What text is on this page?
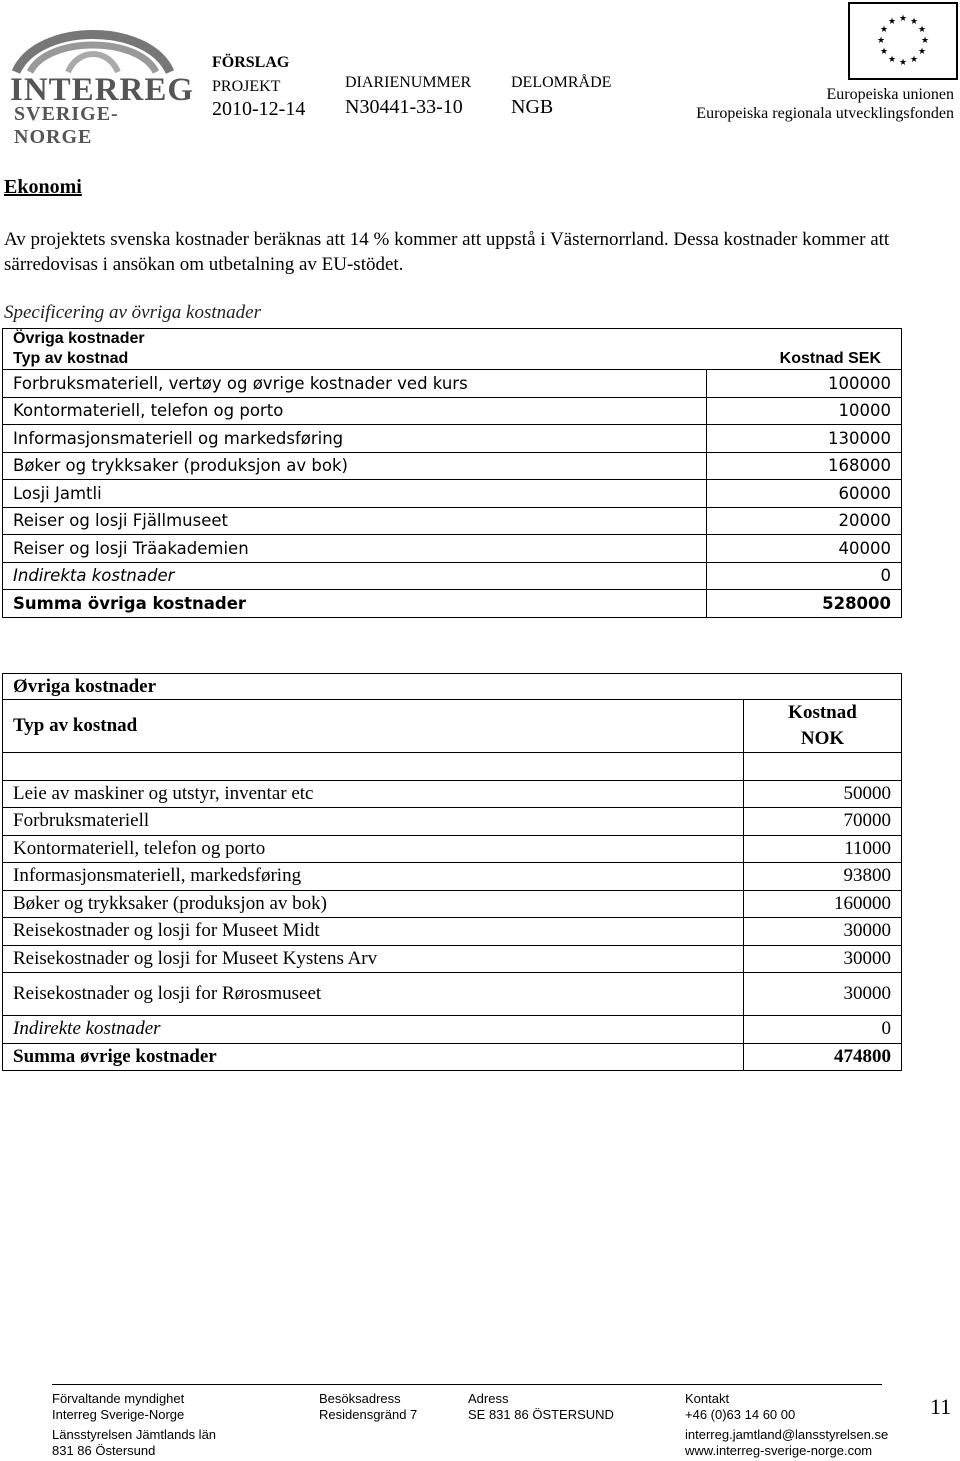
INTERREG
SVERIGE-NORGE
FÖRSLAG
PROJEKT
2010-12-14
DIARIENUMMER
N30441-33-10
DELOMRÅDE
NGB
★ ★
★
★
★
★
★
★
★
★
★
★
Europeiska unionen
Europeiska regionala utvecklingsfonden
Ekonomi
Av projektets svenska kostnader beräknas att 14 % kommer att uppstå i Västernorrland. Dessa kostnader kommer att särredovisas i ansökan om utbetalning av EU-stödet.
Specificering av övriga kostnader
Övriga kostnader	
Typ av kostnad	Kostnad SEK
Forbruksmateriell, vertøy og øvrige kostnader ved kurs	100000
Kontormateriell, telefon og porto	10000
Informasjonsmateriell og markedsføring	130000
Bøker og trykksaker (produksjon av bok)	168000
Losji Jamtli	60000
Reiser og losji Fjällmuseet	20000
Reiser og losji Träakademien	40000
Indirekta kostnader	0
Summa övriga kostnader	528000
Øvriga kostnader	
Typ av kostnad	Kostnad
NOK

Leie av maskiner og utstyr, inventar etc	50000
Forbruksmateriell	70000
Kontormateriell, telefon og porto	11000
Informasjonsmateriell, markedsføring	93800
Bøker og trykksaker (produksjon av bok)	160000
Reisekostnader og losji for Museet Midt	30000
Reisekostnader og losji for Museet Kystens Arv	30000
Reisekostnader og losji for Rørosmuseet	30000
Indirekte kostnader	0
Summa øvrige kostnader	474800
Förvaltande myndighet
Interreg Sverige-Norge
Länsstyrelsen Jämtlands län
831 86 Östersund
Besöksadress
Residensgränd 7
Adress
SE 831 86 ÖSTERSUND
Kontakt
+46 (0)63 14 60 00
interreg.jamtland@lansstyrelsen.se
www.interreg-sverige-norge.com
11
